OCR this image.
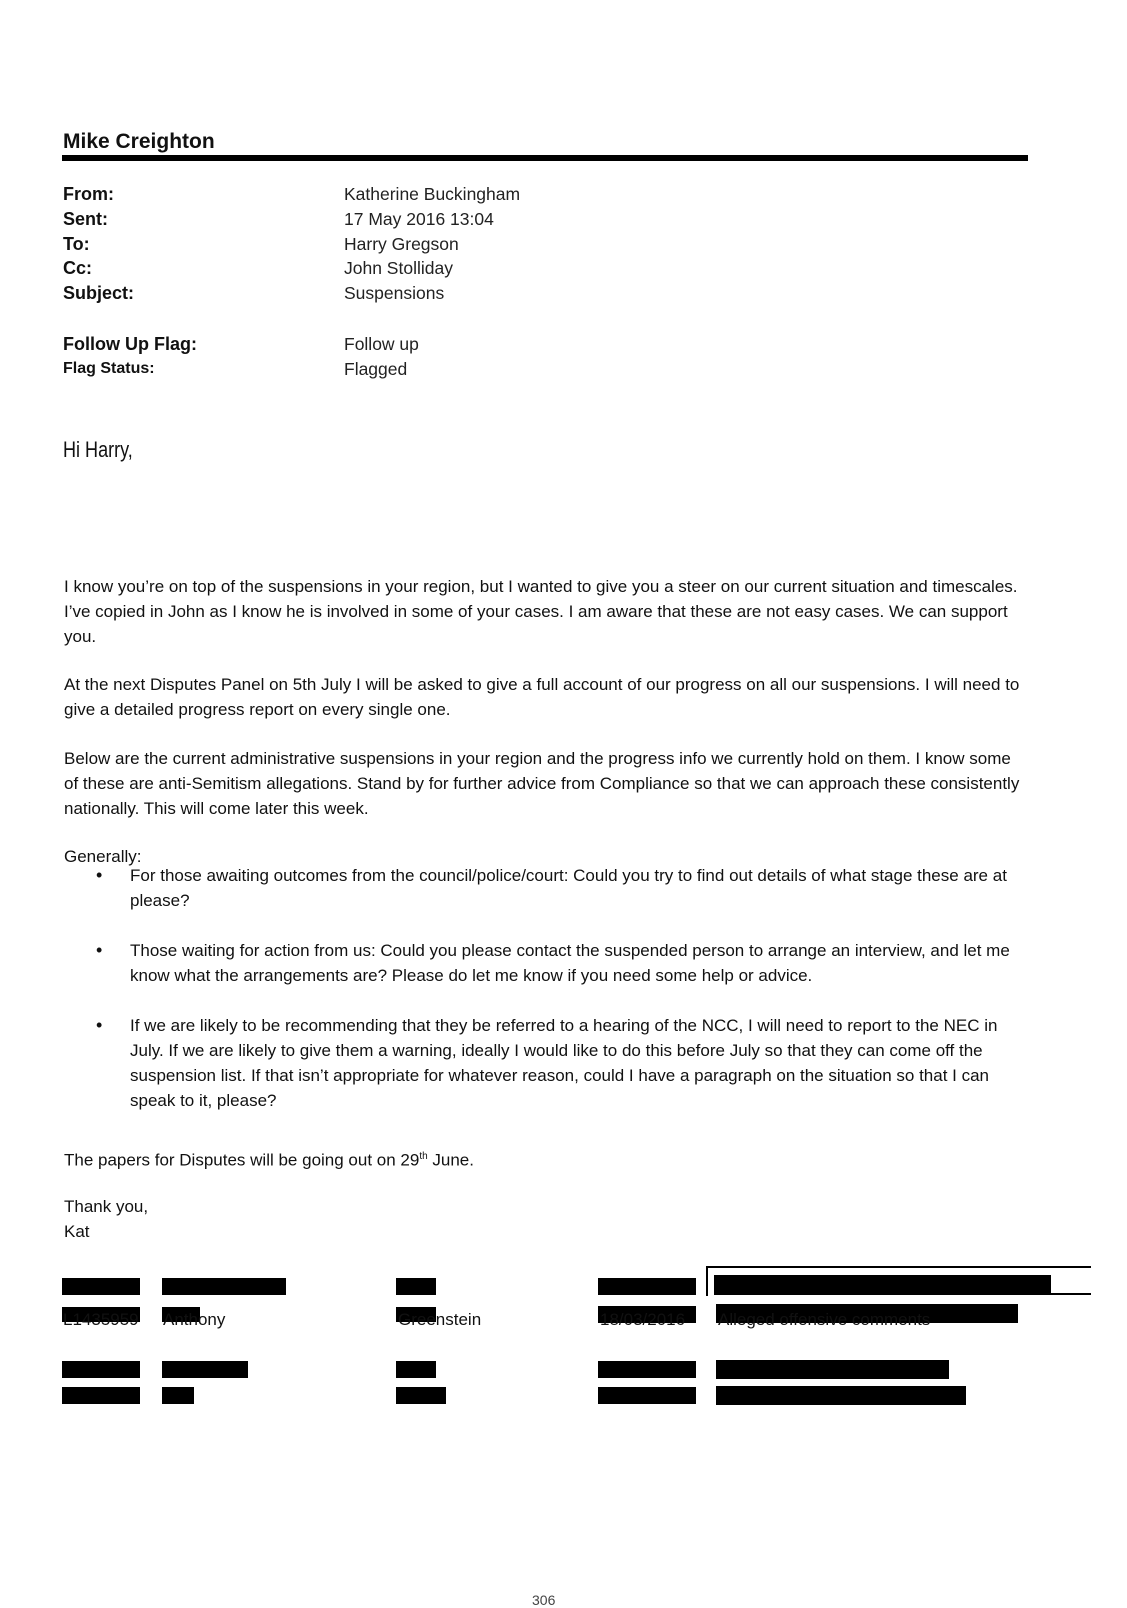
Mike Creighton
From:	Katherine Buckingham
Sent:	17 May 2016 13:04
To:	Harry Gregson
Cc:	John Stolliday
Subject:	Suspensions
Follow Up Flag:	Follow up
Flag Status:	Flagged
Hi Harry,
I know you’re on top of the suspensions in your region, but I wanted to give you a steer on our current situation and timescales. I’ve copied in John as I know he is involved in some of your cases. I am aware that these are not easy cases. We can support you.
At the next Disputes Panel on 5th July I will be asked to give a full account of our progress on all our suspensions. I will need to give a detailed progress report on every single one.
Below are the current administrative suspensions in your region and the progress info we currently hold on them. I know some of these are anti-Semitism allegations. Stand by for further advice from Compliance so that we can approach these consistently nationally. This will come later this week.
Generally:
• For those awaiting outcomes from the council/police/court: Could you try to find out details of what stage these are at please?
• Those waiting for action from us: Could you please contact the suspended person to arrange an interview, and let me know what the arrangements are? Please do let me know if you need some help or advice.
• If we are likely to be recommending that they be referred to a hearing of the NCC, I will need to report to the NEC in July. If we are likely to give them a warning, ideally I would like to do this before July so that they can come off the suspension list. If that isn’t appropriate for whatever reason, could I have a paragraph on the situation so that I can speak to it, please?
The papers for Disputes will be going out on 29th June.
Thank you,
Kat
L1435959 Anthony	Greenstein	18/03/2016 Alleged offensive comments
306
